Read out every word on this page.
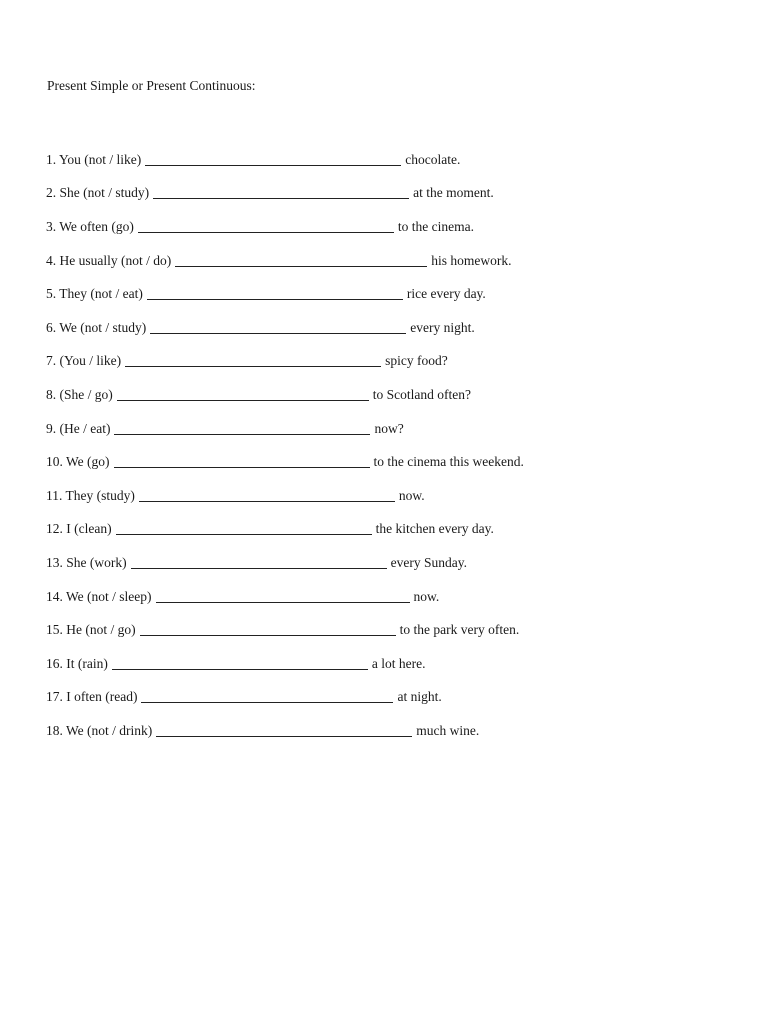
Present Simple or Present Continuous:
1. You (not / like)	chocolate.
2. She (not / study)	at the moment.
3. We often (go)	to the cinema.
4. He usually (not / do)	his homework.
5. They (not / eat)	rice every day.
6. We (not / study)	every night.
7. (You / like)	spicy food?
8. (She / go)	to Scotland often?
9. (He / eat)	now?
10. We (go)	to the cinema this weekend.
11. They (study)	now.
12. I (clean)	the kitchen every day.
13. She (work)	every Sunday.
14. We (not / sleep)	now.
15. He (not / go)	to the park very often.
16. It (rain)	a lot here.
17. I often (read)	at night.
18. We (not / drink)	much wine.
